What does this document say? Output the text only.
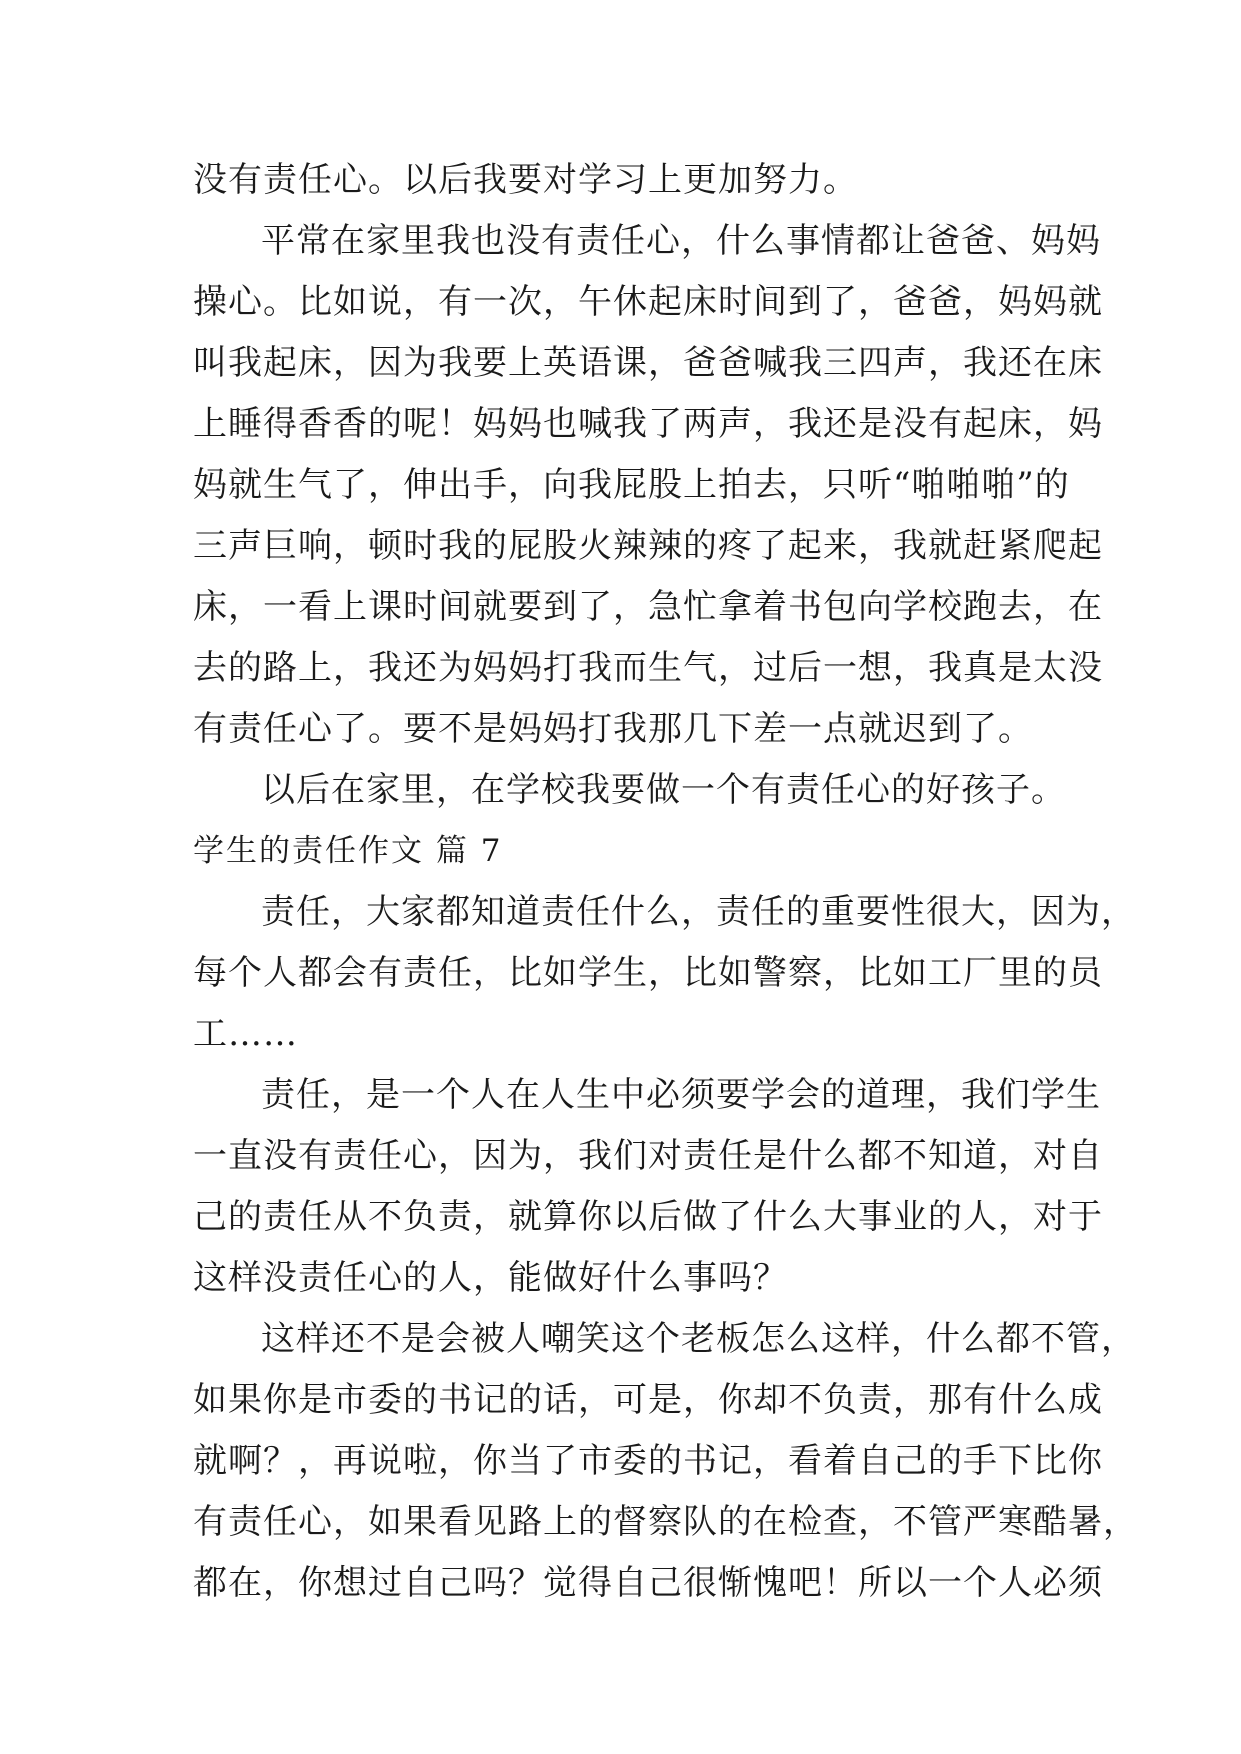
没有责任心。以后我要对学习上更加努力。
平常在家里我也没有责任心，什么事情都让爸爸、妈妈
操心。比如说，有一次，午休起床时间到了，爸爸，妈妈就
叫我起床，因为我要上英语课，爸爸喊我三四声，我还在床
上睡得香香的呢！妈妈也喊我了两声，我还是没有起床，妈
妈就生气了，伸出手，向我屁股上拍去，只听“啪啪啪”的
三声巨响，顿时我的屁股火辣辣的疼了起来，我就赶紧爬起
床，一看上课时间就要到了，急忙拿着书包向学校跑去，在
去的路上，我还为妈妈打我而生气，过后一想，我真是太没
有责任心了。要不是妈妈打我那几下差一点就迟到了。
以后在家里，在学校我要做一个有责任心的好孩子。
学生的责任作文 篇 7
责任，大家都知道责任什么，责任的重要性很大，因为，
每个人都会有责任，比如学生，比如警察，比如工厂里的员
工……
责任，是一个人在人生中必须要学会的道理，我们学生
一直没有责任心，因为，我们对责任是什么都不知道，对自
己的责任从不负责，就算你以后做了什么大事业的人，对于
这样没责任心的人，能做好什么事吗？
这样还不是会被人嘲笑这个老板怎么这样，什么都不管，
如果你是市委的书记的话，可是，你却不负责，那有什么成
就啊？，再说啦，你当了市委的书记，看着自己的手下比你
有责任心，如果看见路上的督察队的在检查，不管严寒酷暑，
都在，你想过自己吗？觉得自己很惭愧吧！所以一个人必须
